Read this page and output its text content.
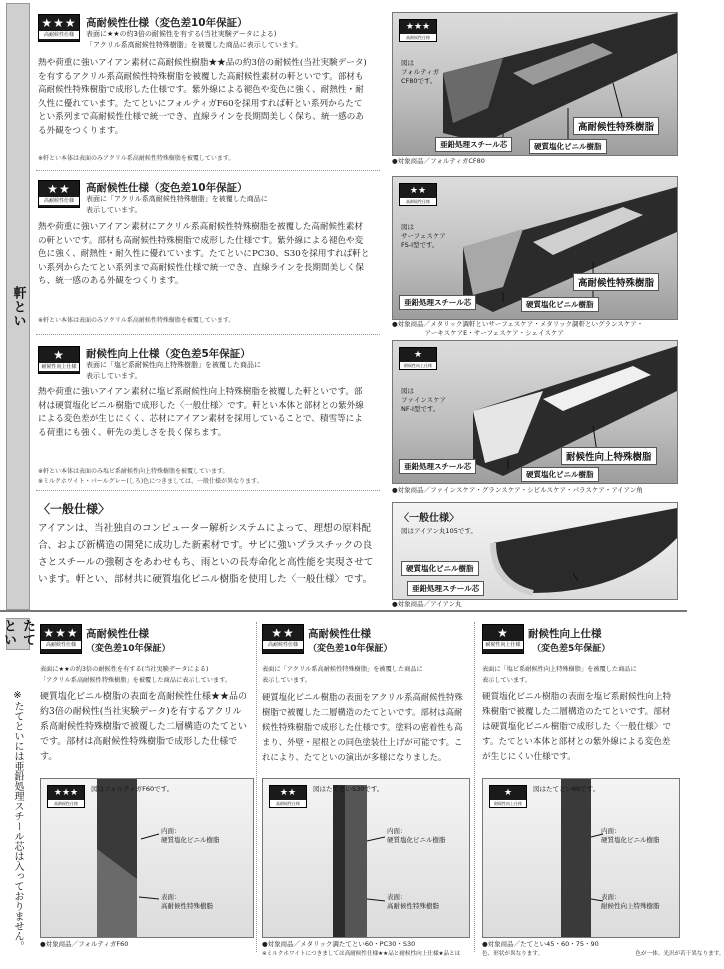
軒とい
たてとい
※たてといには亜鉛処理スチール芯は入っておりません。
★★★
高耐候性仕様
高耐候性仕様（変色差10年保証）
表面に★★の約3倍の耐候性を有する(当社実験データによる)
「アクリル系高耐候性特殊樹脂」を被覆した商品に表示しています。
熱や荷重に強いアイアン素材に高耐候性樹脂★★品の約3倍の耐候性(当社実験データ)を有するアクリル系高耐候性特殊樹脂を被覆した高耐候性素材の軒といです。部材も高耐候性特殊樹脂で成形した仕様です。紫外線による褪色や変色に強く、耐熱性・耐久性に優れています。たてといにフォルティガF60を採用すれば軒とい系列からたてとい系列まで高耐候性仕様で統一でき、直線ラインを長期間美しく保ち、統一感のある外観をつくります。
※軒とい本体は表面のみアクリル系高耐候性特殊樹脂を被覆しています。
★★★
高耐候性仕様
図は
フォルティガ
CF80です。
高耐候性特殊樹脂
亜鉛処理スチール芯	硬質塩化ビニル樹脂
●対象商品／フォルティガCF80
★★
高耐候性仕様
高耐候性仕様（変色差10年保証）
表面に「アクリル系高耐候性特殊樹脂」を被覆した商品に
表示しています。
熱や荷重に強いアイアン素材にアクリル系高耐候性特殊樹脂を被覆した高耐候性素材の軒といです。部材も高耐候性特殊樹脂で成形した仕様です。紫外線による褪色や変色に強く、耐熱性・耐久性に優れています。たてといにPC30、S30を採用すれば軒とい系列からたてとい系列まで高耐候性仕様で統一でき、直線ラインを長期間美しく保ち、統一感のある外観をつくります。
※軒とい本体は表面のみアクリル系高耐候性特殊樹脂を被覆しています。
★★
高耐候性仕様
図は
サーフェスケア
FS-Ⅰ型です。
高耐候性特殊樹脂
亜鉛処理スチール芯	硬質塩化ビニル樹脂
●対象商品／メタリック調軒といサーフェスケア・メタリック調軒といグランスケア・
　　　　　アーキスケアE・サーフェスケア・シェイスケア
★
耐候性向上仕様
耐候性向上仕様（変色差5年保証）
表面に「塩ビ系耐候性向上特殊樹脂」を被覆した商品に
表示しています。
熱や荷重に強いアイアン素材に塩ビ系耐候性向上特殊樹脂を被覆した軒といです。部材は硬質塩化ビニル樹脂で成形した〈一般仕様〉です。軒とい本体と部材との紫外線による変色差が生じにくく、芯材にアイアン素材を採用していることで、積雪等による荷重にも強く、軒先の美しさを長く保ちます。
※軒とい本体は表面のみ塩ビ系耐候性向上特殊樹脂を被覆しています。
※ミルクホワイト・パールグレー(しろ)色につきましては、一般仕様が異なります。
★
耐候性向上仕様
図は
ファインスケア
NF-Ⅰ型です。
耐候性向上特殊樹脂
亜鉛処理スチール芯
硬質塩化ビニル樹脂
●対象商品／ファインスケア・グランスケア・シビルスケア・パラスケア・アイアン角
〈一般仕様〉
アイアンは、当社独自のコンピューター解析システムによって、理想の原料配合、および新構造の開発に成功した新素材です。サビに強いプラスチックの良さとスチールの強靭さをあわせもち、雨といの長寿命化と高性能を実現させています。軒とい、部材共に硬質塩化ビニル樹脂を使用した〈一般仕様〉です。
〈一般仕様〉
図はアイアン丸105です。
硬質塩化ビニル樹脂
亜鉛処理スチール芯
●対象商品／アイアン丸
★★★
高耐候性仕様
高耐候性仕様
（変色差10年保証）
表面に★★の約3倍の耐候性を有する(当社実験データによる)
「アクリル系高耐候性特殊樹脂」を被覆した商品に表示しています。
硬質塩化ビニル樹脂の表面を高耐候性仕様★★品の約3倍の耐候性(当社実験データ)を有するアクリル系高耐候性特殊樹脂で被覆した二層構造のたてといです。部材は高耐候性特殊樹脂で成形した仕様です。
★★★
高耐候性仕様
図はフォルティガF60です。
内面：
硬質塩化ビニル樹脂
表面：
高耐候性特殊樹脂
●対象商品／フォルティガF60
★★
高耐候性仕様
高耐候性仕様
（変色差10年保証）
表面に「アクリル系高耐候性特殊樹脂」を被覆した商品に
表示しています。
硬質塩化ビニル樹脂の表面をアクリル系高耐候性特殊樹脂で被覆した二層構造のたてといです。部材は高耐候性特殊樹脂で成形した仕様です。塗料の密着性も高まり、外壁・屋根との同色塗装仕上げが可能です。これにより、たてといの演出が多様になりました。
★★
高耐候性仕様
図はたてといS30です。
内面：
硬質塩化ビニル樹脂
表面：
高耐候性特殊樹脂
●対象商品／メタリック調たてとい60・PC30・S30
※ミルクホワイトにつきましては高耐候性仕様★★品と耐候性向上仕様★品とは
★
耐候性向上仕様
耐候性向上仕様
（変色差5年保証）
表面に「塩ビ系耐候性向上特殊樹脂」を被覆した商品に
表示しています。
硬質塩化ビニル樹脂の表面を塩ビ系耐候性向上特殊樹脂で被覆した二層構造のたてといです。部材は硬質塩化ビニル樹脂で成形した〈一般仕様〉です。たてとい本体と部材との紫外線による変色差が生じにくい仕様です。
★
耐候性向上仕様
図はたてとい60です。
内面：
硬質塩化ビニル樹脂
表面：
耐候性向上特殊樹脂
●対象商品／たてとい45・60・75・90
色、形状が異なります。　　　　　　　　　　　　　　　　　色が一体、光沢が若干異なります。
